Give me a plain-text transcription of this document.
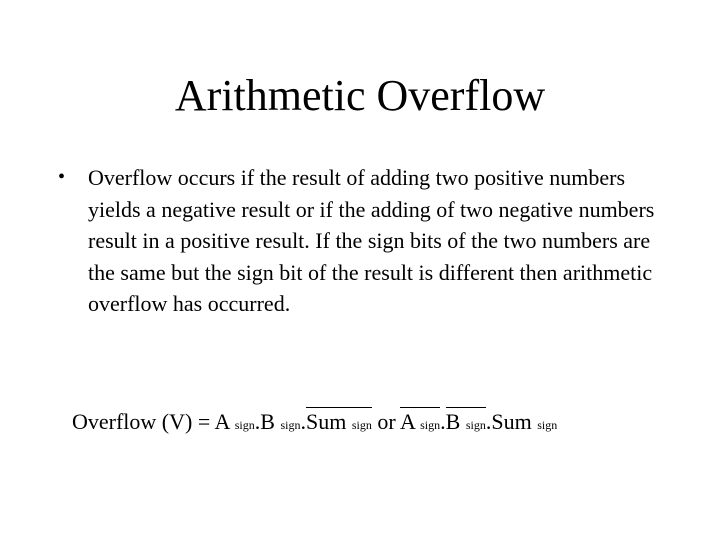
Arithmetic Overflow
• Overflow occurs if the result of adding two positive numbers yields a negative result or if the adding of two negative numbers result in a positive result. If the sign bits of the two numbers are the same but the sign bit of the result is different then arithmetic overflow has occurred.
Overflow (V) = A sign.B sign.Sum sign or A sign.B sign.Sum sign
